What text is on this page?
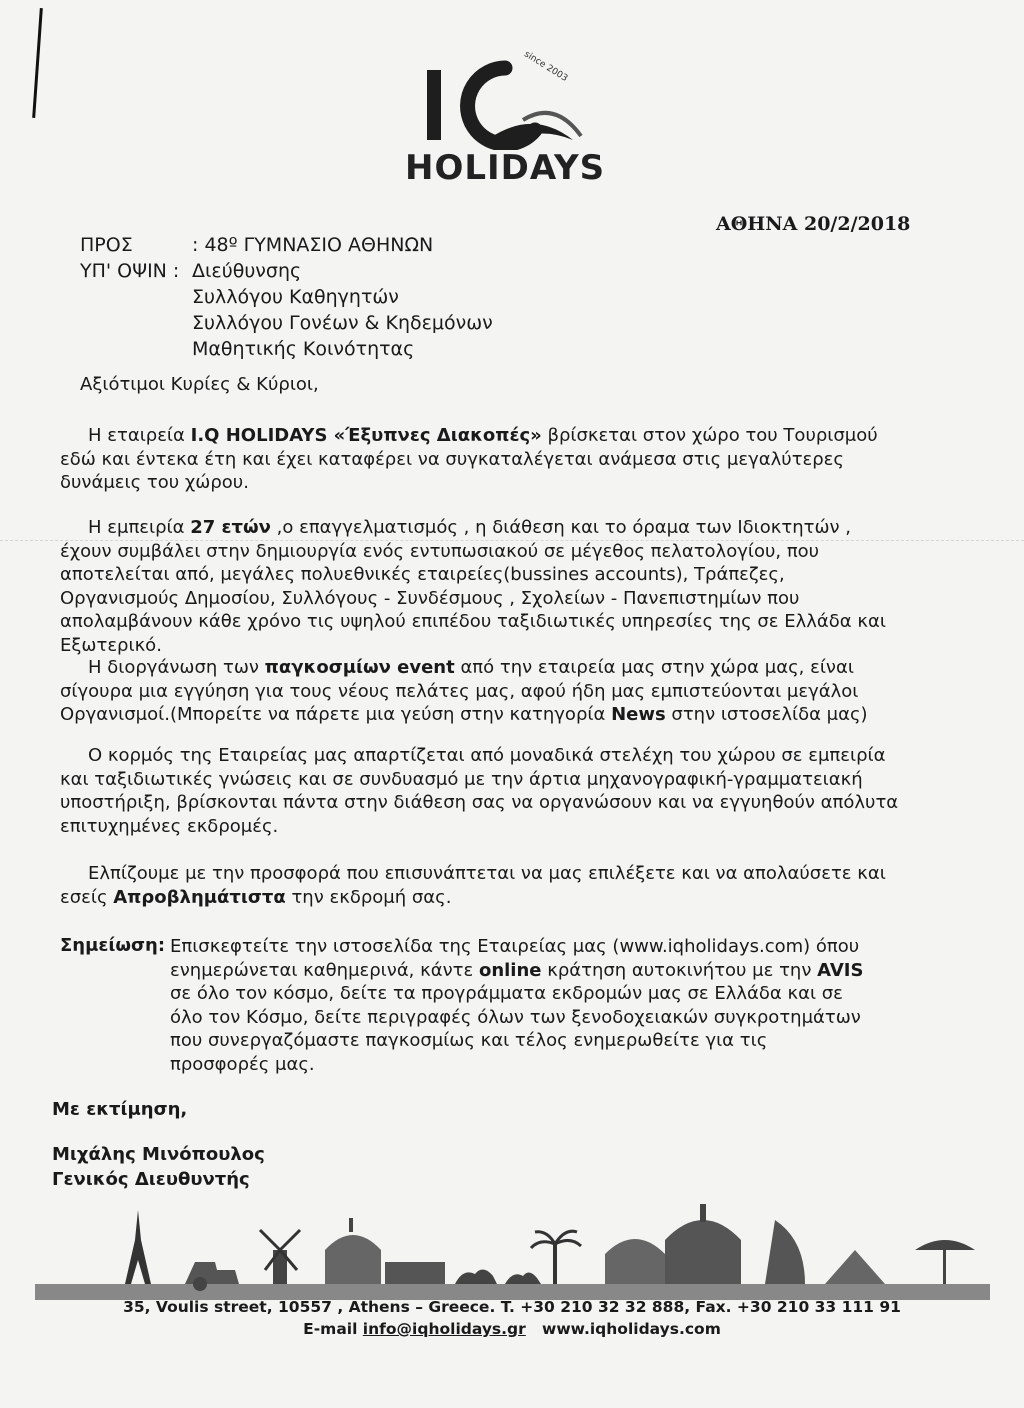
since 2003
HOLIDAYS
ΑΘΗΝΑ 20/2/2018
ΠΡΟΣ	: 48º ΓΥΜΝΑΣΙΟ ΑΘΗΝΩΝ
ΥΠ' ΟΨΙΝ : Διεύθυνσης
Συλλόγου Καθηγητών
Συλλόγου Γονέων & Κηδεμόνων
Μαθητικής Κοινότητας
Αξιότιμοι Κυρίες & Κύριοι,
Η εταιρεία I.Q HOLIDAYS «Έξυπνες Διακοπές» βρίσκεται στον χώρο του Τουρισμού εδώ και έντεκα έτη και έχει καταφέρει να συγκαταλέγεται ανάμεσα στις μεγαλύτερες δυνάμεις του χώρου.
Η εμπειρία 27 ετών ,ο επαγγελματισμός , η διάθεση και το όραμα των Ιδιοκτητών , έχουν συμβάλει στην δημιουργία ενός εντυπωσιακού σε μέγεθος πελατολογίου, που αποτελείται από, μεγάλες πολυεθνικές εταιρείες(bussines accounts), Τράπεζες, Οργανισμούς Δημοσίου, Συλλόγους - Συνδέσμους , Σχολείων - Πανεπιστημίων που απολαμβάνουν κάθε χρόνο τις υψηλού επιπέδου ταξιδιωτικές υπηρεσίες της σε Ελλάδα και Εξωτερικό.
Η διοργάνωση των παγκοσμίων event από την εταιρεία μας στην χώρα μας, είναι σίγουρα μια εγγύηση για τους νέους πελάτες μας, αφού ήδη μας εμπιστεύονται μεγάλοι Οργανισμοί.(Μπορείτε να πάρετε μια γεύση στην κατηγορία News στην ιστοσελίδα μας)
Ο κορμός της Εταιρείας μας απαρτίζεται από μοναδικά στελέχη του χώρου σε εμπειρία και ταξιδιωτικές γνώσεις και σε συνδυασμό με την άρτια μηχανογραφική-γραμματειακή υποστήριξη, βρίσκονται πάντα στην διάθεση σας να οργανώσουν και να εγγυηθούν απόλυτα επιτυχημένες εκδρομές.
Ελπίζουμε με την προσφορά που επισυνάπτεται να μας επιλέξετε και να απολαύσετε και εσείς Απροβλημάτιστα την εκδρομή σας.
Σημείωση: Επισκεφτείτε την ιστοσελίδα της Εταιρείας μας (www.iqholidays.com) όπου ενημερώνεται καθημερινά, κάντε online κράτηση αυτοκινήτου με την AVIS σε όλο τον κόσμο, δείτε τα προγράμματα εκδρομών μας σε Ελλάδα και σε όλο τον Κόσμο, δείτε περιγραφές όλων των ξενοδοχειακών συγκροτημάτων που συνεργαζόμαστε παγκοσμίως και τέλος ενημερωθείτε για τις προσφορές μας.
Με εκτίμηση,
Μιχάλης Μινόπουλος
Γενικός Διευθυντής
35, Voulis street, 10557 , Athens – Greece. T. +30 210 32 32 888, Fax. +30 210 33 111 91
E-mail info@iqholidays.gr www.iqholidays.com
